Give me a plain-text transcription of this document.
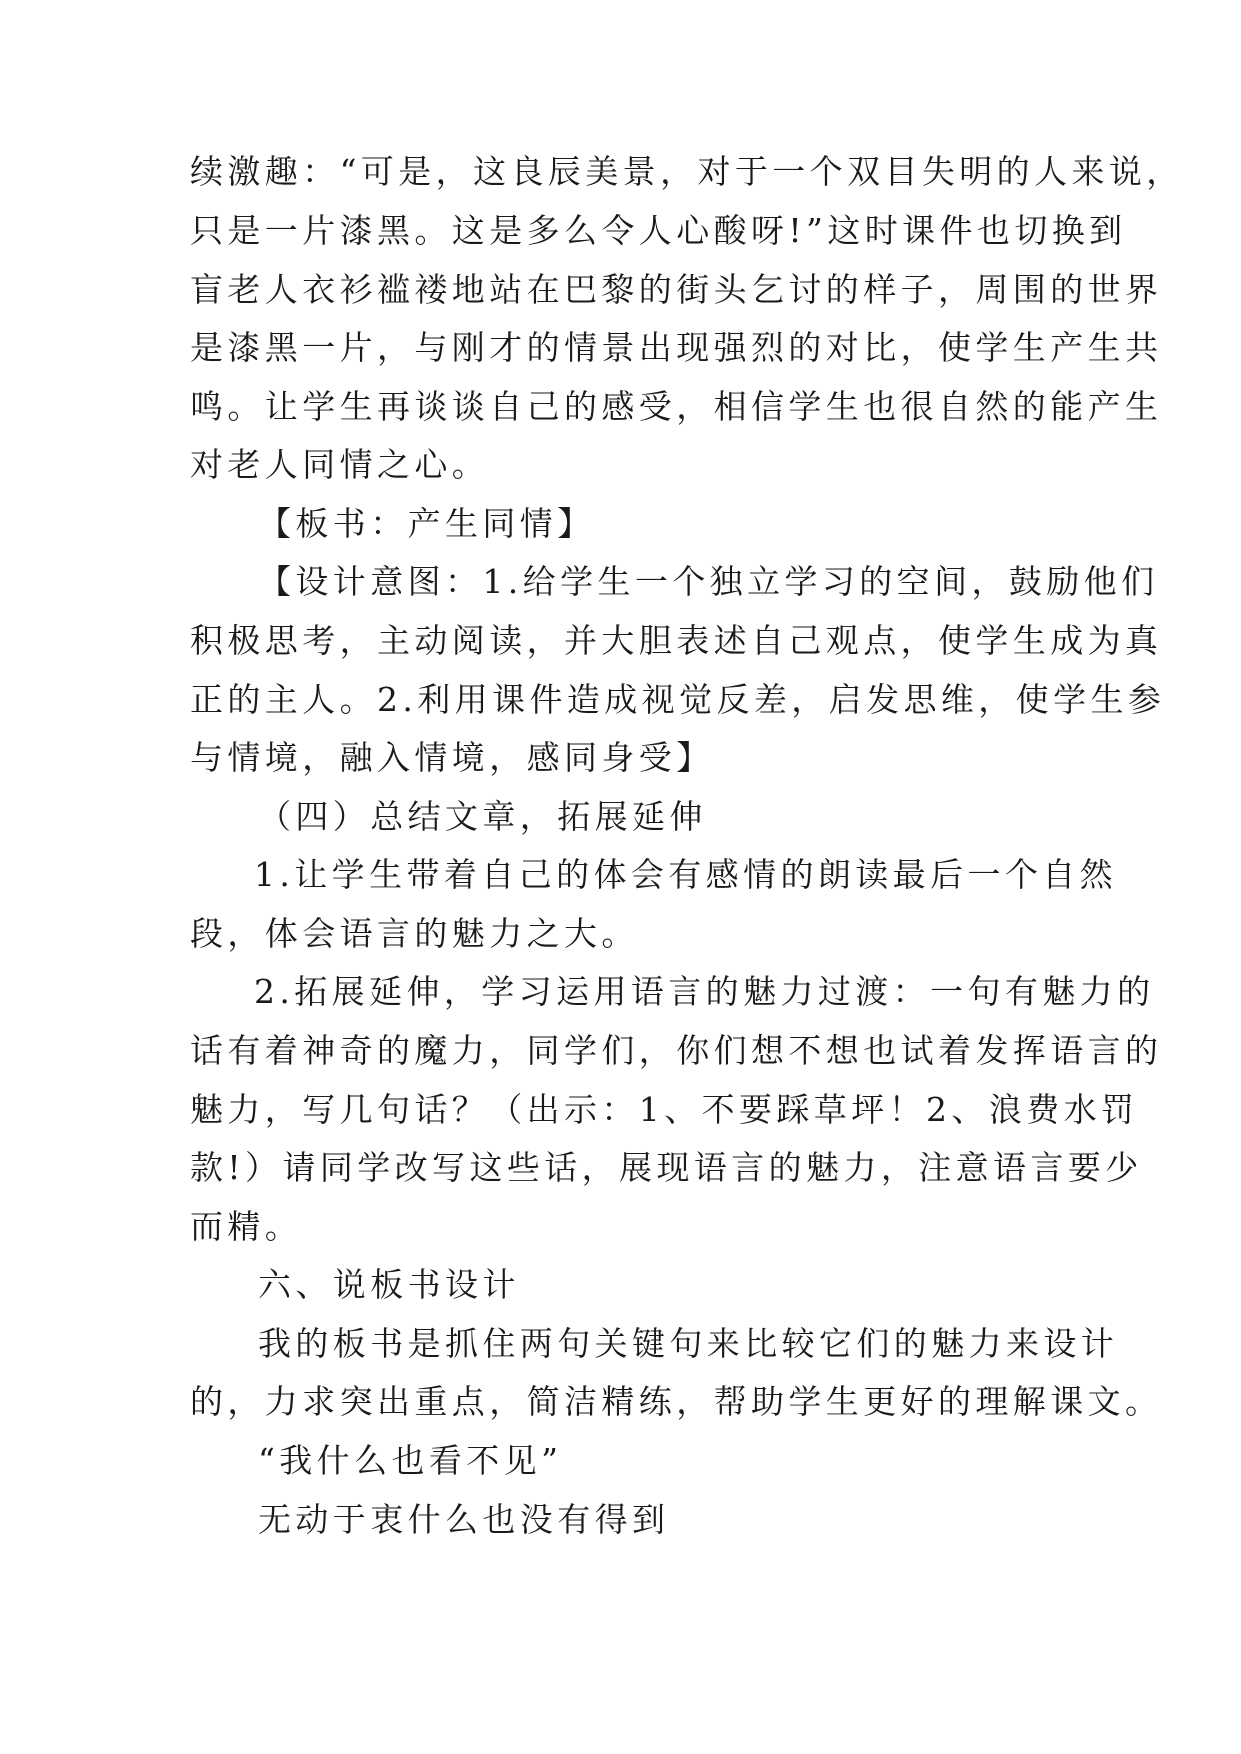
续激趣：“可是，这良辰美景，对于一个双目失明的人来说，
只是一片漆黑。这是多么令人心酸呀!”这时课件也切换到
盲老人衣衫褴褛地站在巴黎的街头乞讨的样子，周围的世界
是漆黑一片，与刚才的情景出现强烈的对比，使学生产生共
鸣。让学生再谈谈自己的感受，相信学生也很自然的能产生
对老人同情之心。
【板书：产生同情】
【设计意图：1.给学生一个独立学习的空间，鼓励他们
积极思考，主动阅读，并大胆表述自己观点，使学生成为真
正的主人。2.利用课件造成视觉反差，启发思维，使学生参
与情境，融入情境，感同身受】
（四）总结文章，拓展延伸
1.让学生带着自己的体会有感情的朗读最后一个自然
段，体会语言的魅力之大。
2.拓展延伸，学习运用语言的魅力过渡：一句有魅力的
话有着神奇的魔力，同学们，你们想不想也试着发挥语言的
魅力，写几句话？（出示：1、不要踩草坪！2、浪费水罚
款!）请同学改写这些话，展现语言的魅力，注意语言要少
而精。
六、说板书设计
我的板书是抓住两句关键句来比较它们的魅力来设计
的，力求突出重点，简洁精练，帮助学生更好的理解课文。
“我什么也看不见”
无动于衷什么也没有得到
